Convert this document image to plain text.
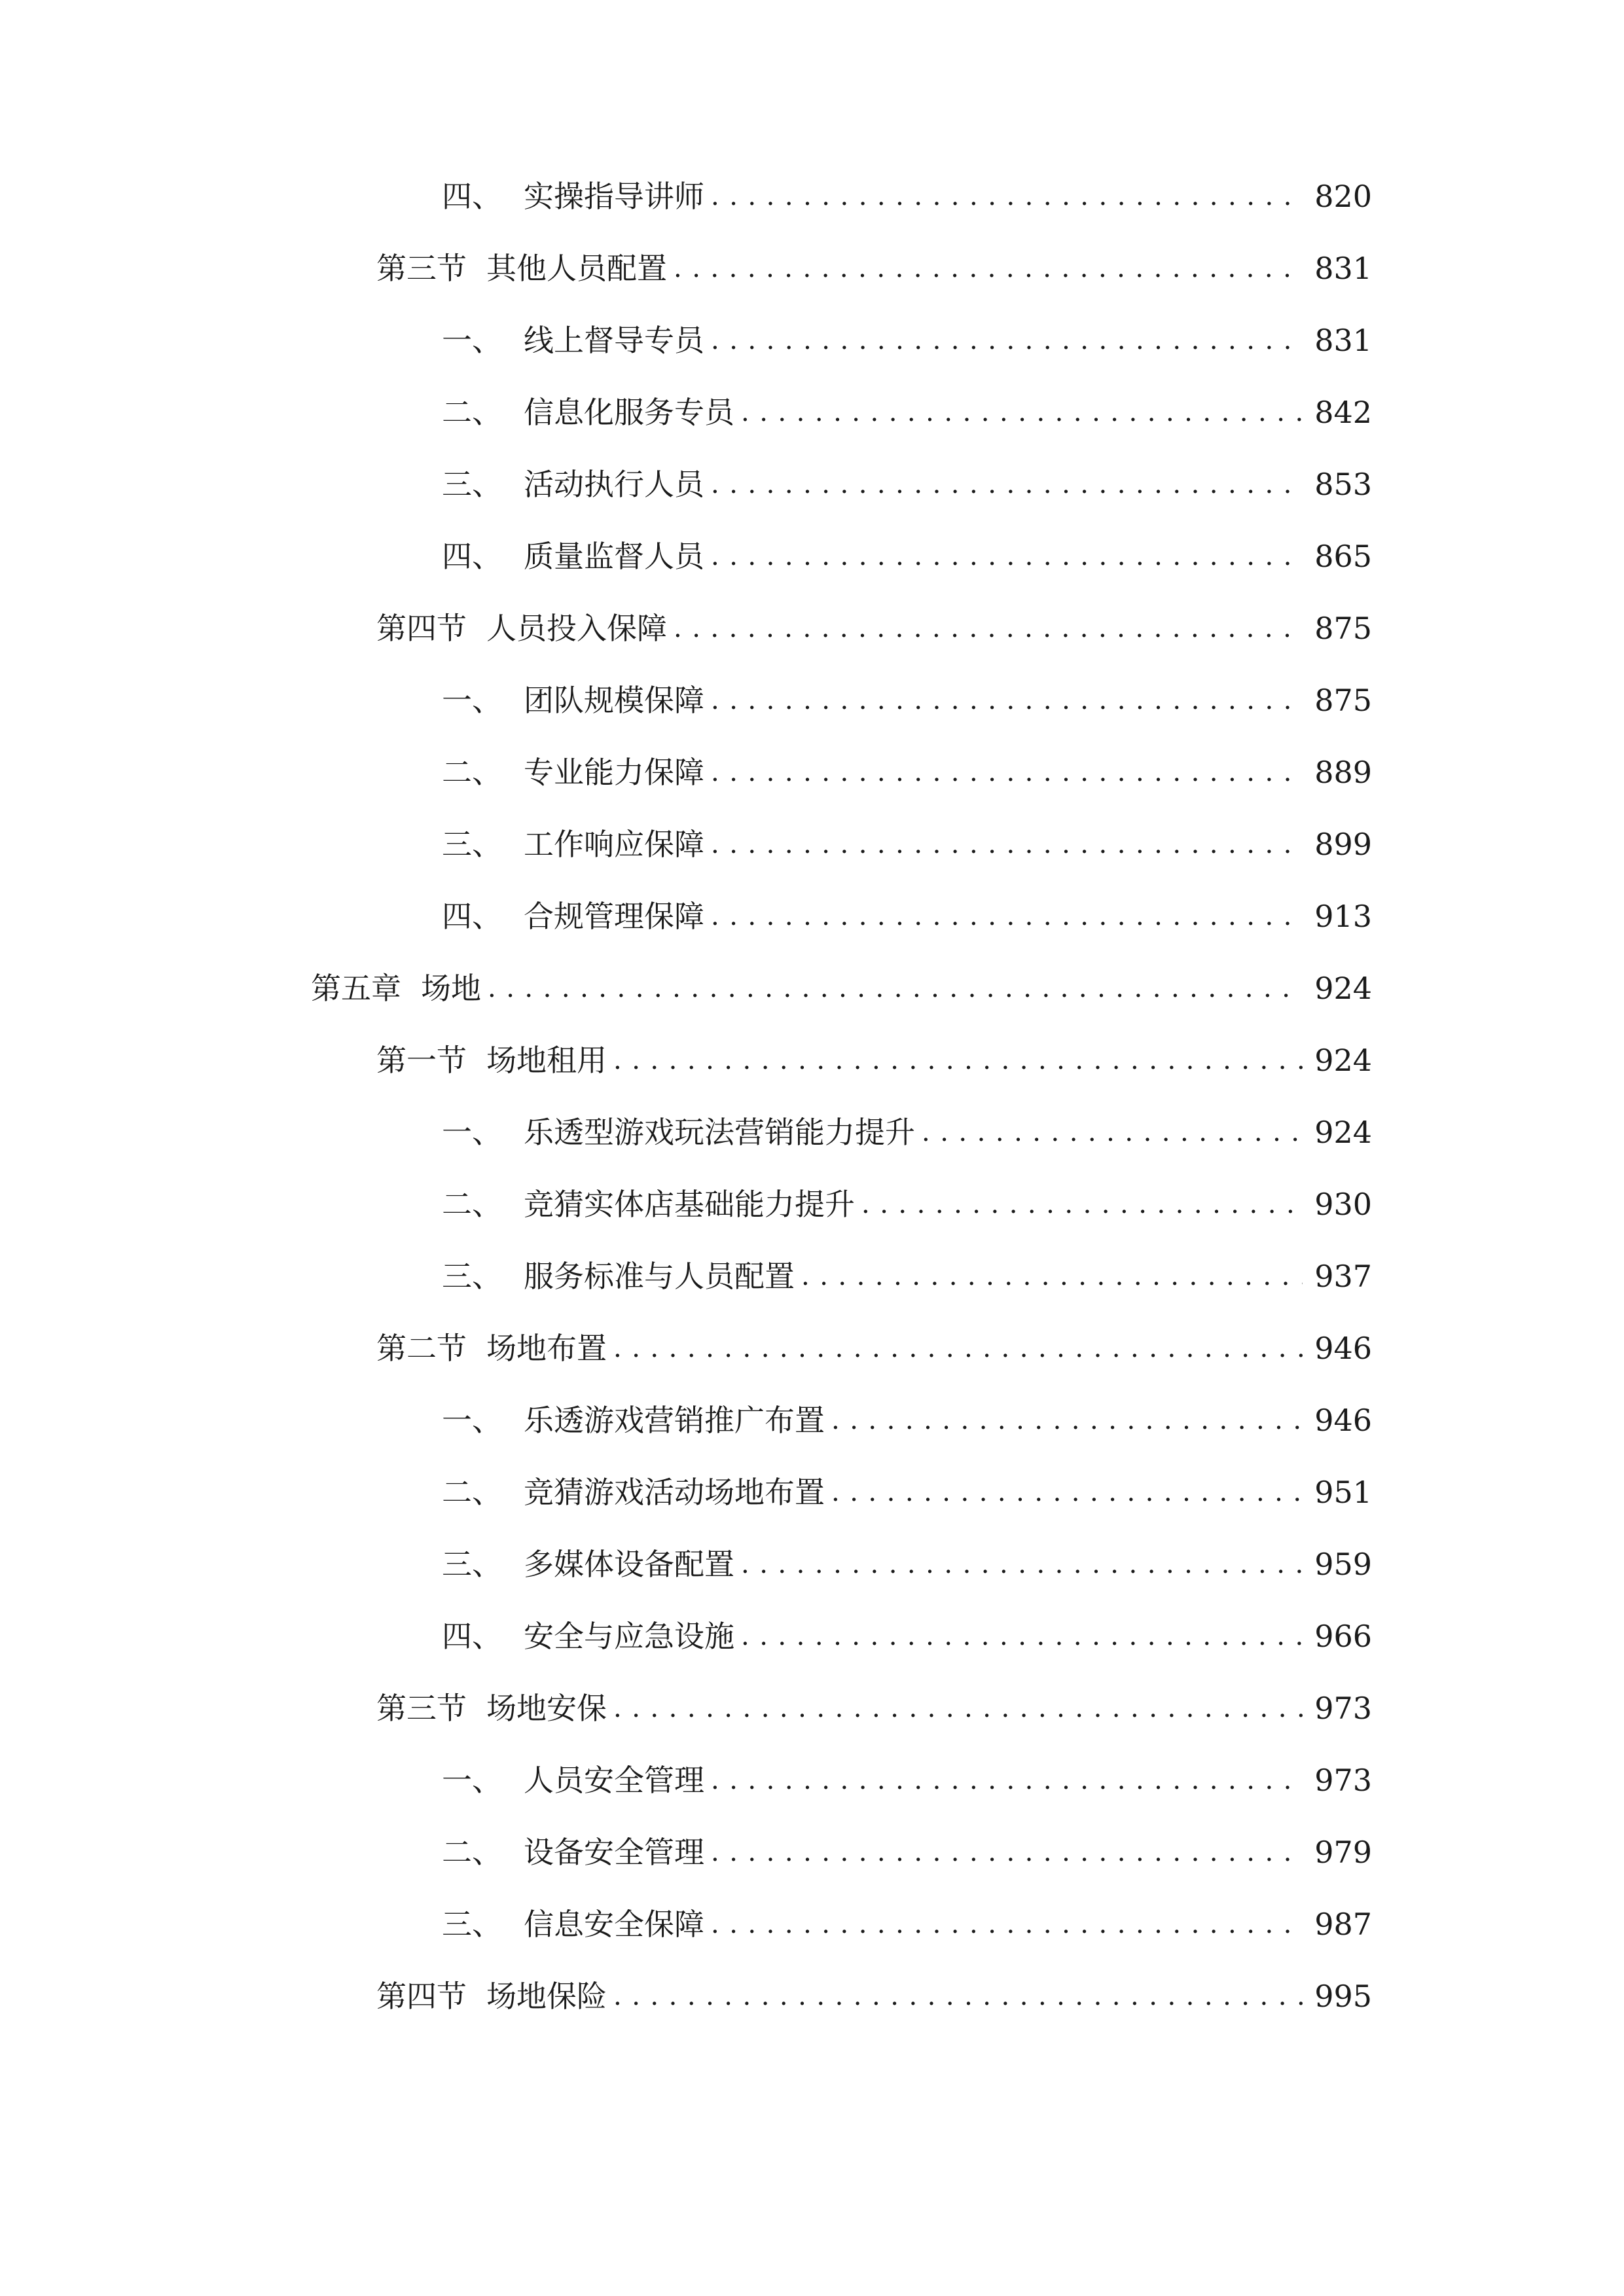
四、 实操指导讲师 .....	820
第三节 其他人员配置 .....	831
一、 线上督导专员 .....	831
二、 信息化服务专员 .....	842
三、 活动执行人员 .....	853
四、 质量监督人员 .....	865
第四节 人员投入保障 .....	875
一、 团队规模保障 .....	875
二、 专业能力保障 .....	889
三、 工作响应保障 .....	899
四、 合规管理保障 .....	913
第五章 场地 .....	924
第一节 场地租用 .....	924
一、 乐透型游戏玩法营销能力提升 .....	924
二、 竞猜实体店基础能力提升 .....	930
三、 服务标准与人员配置 .....	937
第二节 场地布置 .....	946
一、 乐透游戏营销推广布置 .....	946
二、 竞猜游戏活动场地布置 .....	951
三、 多媒体设备配置 .....	959
四、 安全与应急设施 .....	966
第三节 场地安保 .....	973
一、 人员安全管理 .....	973
二、 设备安全管理 .....	979
三、 信息安全保障 .....	987
第四节 场地保险 .....	995
